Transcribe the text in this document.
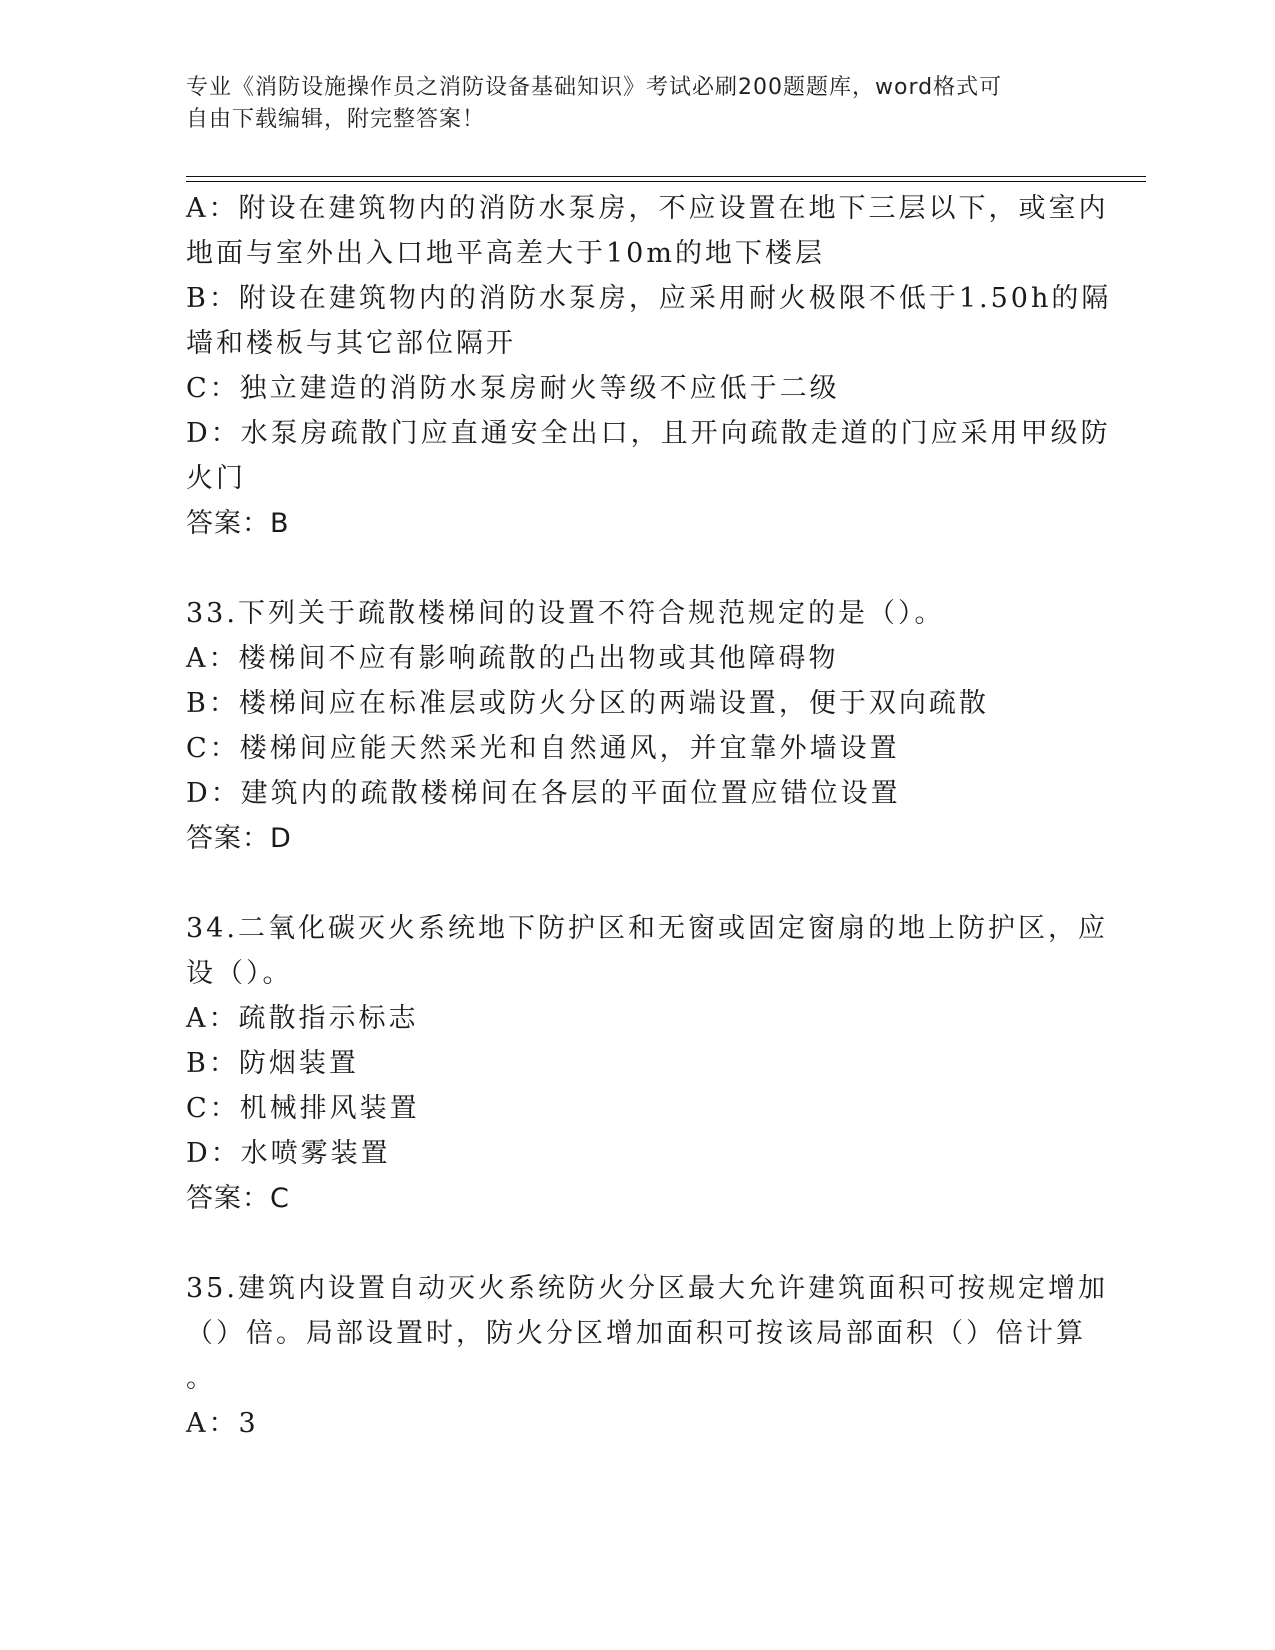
专业《消防设施操作员之消防设备基础知识》考试必刷200题题库，word格式可
自由下载编辑，附完整答案！
A：附设在建筑物内的消防水泵房，不应设置在地下三层以下，或室内
地面与室外出入口地平高差大于10m的地下楼层
B：附设在建筑物内的消防水泵房，应采用耐火极限不低于1.50h的隔
墙和楼板与其它部位隔开
C：独立建造的消防水泵房耐火等级不应低于二级
D：水泵房疏散门应直通安全出口，且开向疏散走道的门应采用甲级防
火门
答案：B
33.下列关于疏散楼梯间的设置不符合规范规定的是（）。
A：楼梯间不应有影响疏散的凸出物或其他障碍物
B：楼梯间应在标准层或防火分区的两端设置，便于双向疏散
C：楼梯间应能天然采光和自然通风，并宜靠外墙设置
D：建筑内的疏散楼梯间在各层的平面位置应错位设置
答案：D
34.二氧化碳灭火系统地下防护区和无窗或固定窗扇的地上防护区，应
设（）。
A：疏散指示标志
B：防烟装置
C：机械排风装置
D：水喷雾装置
答案：C
35.建筑内设置自动灭火系统防火分区最大允许建筑面积可按规定增加
（）倍。局部设置时，防火分区增加面积可按该局部面积（）倍计算
。
A：3
